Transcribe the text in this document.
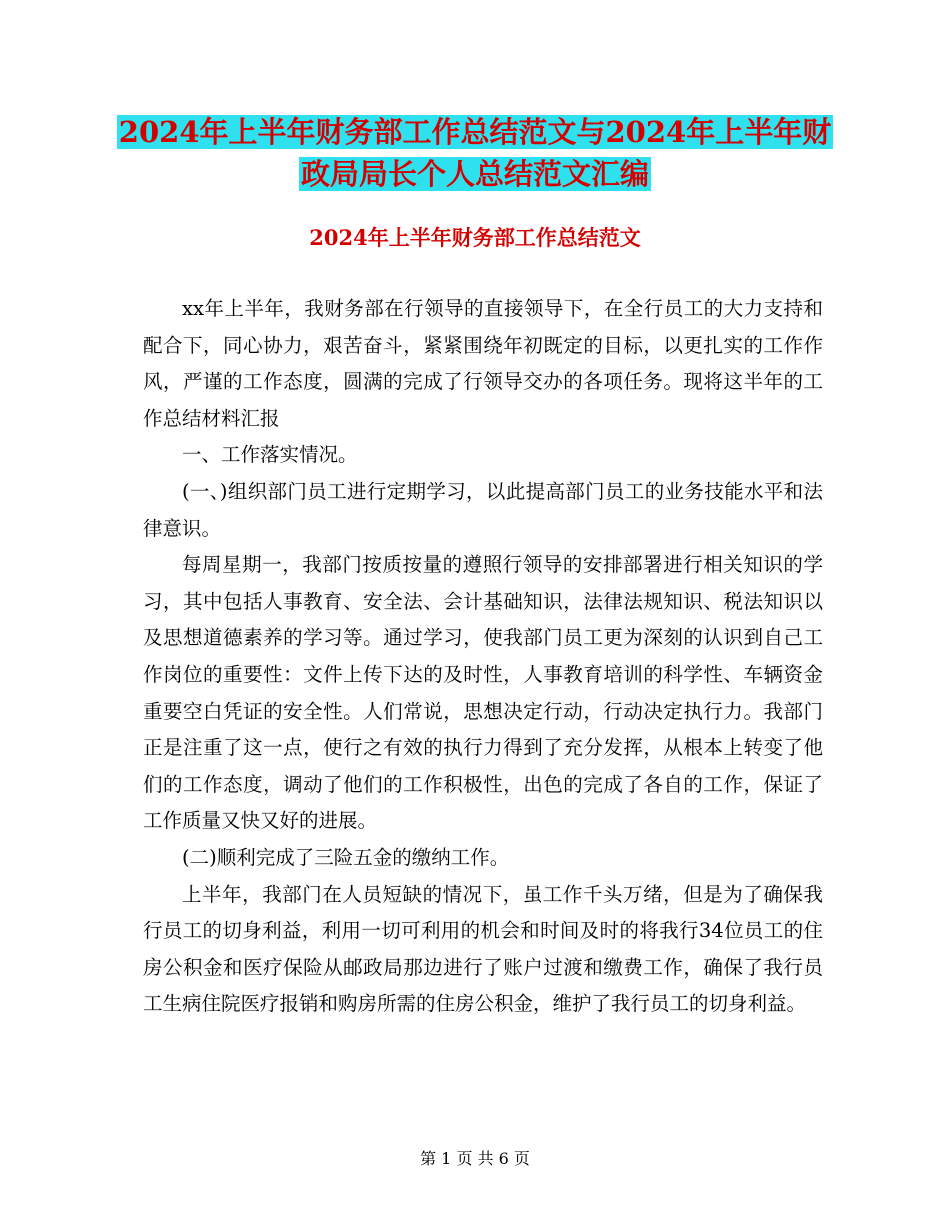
2024年上半年财务部工作总结范文与2024年上半年财
政局局长个人总结范文汇编
2024年上半年财务部工作总结范文

xx年上半年，我财务部在行领导的直接领导下，在全行员工的大力支持和配合下，同心协力，艰苦奋斗，紧紧围绕年初既定的目标，以更扎实的工作作风，严谨的工作态度，圆满的完成了行领导交办的各项任务。现将这半年的工作总结材料汇报

一、工作落实情况。

(一、)组织部门员工进行定期学习，以此提高部门员工的业务技能水平和法律意识。

每周星期一，我部门按质按量的遵照行领导的安排部署进行相关知识的学习，其中包括人事教育、安全法、会计基础知识，法律法规知识、税法知识以及思想道德素养的学习等。通过学习，使我部门员工更为深刻的认识到自己工作岗位的重要性：文件上传下达的及时性，人事教育培训的科学性、车辆资金重要空白凭证的安全性。人们常说，思想决定行动，行动决定执行力。我部门正是注重了这一点，使行之有效的执行力得到了充分发挥，从根本上转变了他们的工作态度，调动了他们的工作积极性，出色的完成了各自的工作，保证了工作质量又快又好的进展。

(二)顺利完成了三险五金的缴纳工作。

上半年，我部门在人员短缺的情况下，虽工作千头万绪，但是为了确保我行员工的切身利益，利用一切可利用的机会和时间及时的将我行34位员工的住房公积金和医疗保险从邮政局那边进行了账户过渡和缴费工作，确保了我行员工生病住院医疗报销和购房所需的住房公积金，维护了我行员工的切身利益。

第 1 页 共 6 页
